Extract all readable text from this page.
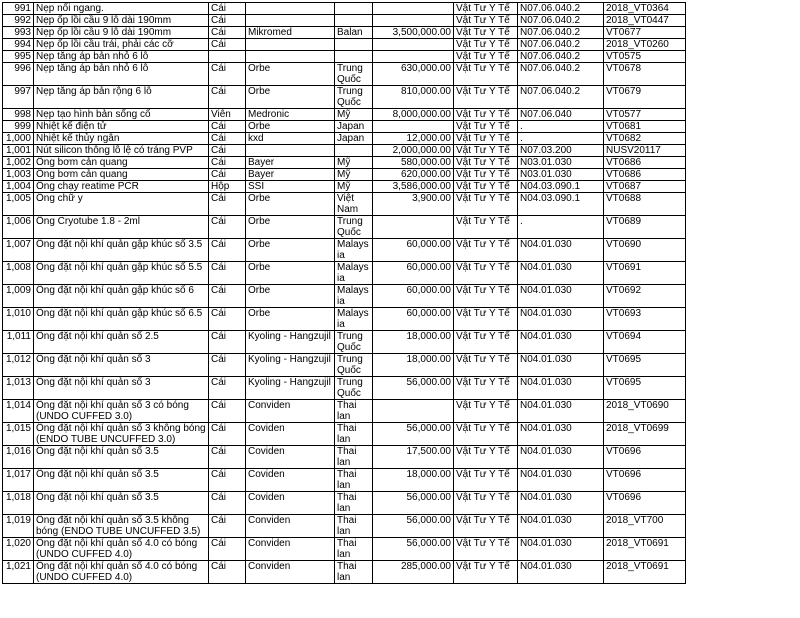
991	Nẹp nối ngang.	Cái				Vật Tư Y Tế	N07.06.040.2	2018_VT0364
992	Nẹp ốp lồi cầu 9 lỗ dài 190mm	Cái				Vật Tư Y Tế	N07.06.040.2	2018_VT0447
993	Nẹp ốp lồi cầu 9 lỗ dài 190mm	Cái	Mikromed	Balan	3,500,000.00	Vật Tư Y Tế	N07.06.040.2	VT0677
994	Nẹp ốp lồi cầu trái, phải các cỡ	Cái				Vật Tư Y Tế	N07.06.040.2	2018_VT0260
995	Nẹp tăng áp bản nhỏ 6 lỗ					Vật Tư Y Tế	N07.06.040.2	VT0575
996	Nẹp tăng áp bản nhỏ 6 lỗ	Cái	Orbe	Trung Quốc	630,000.00	Vật Tư Y Tế	N07.06.040.2	VT0678
997	Nẹp tăng áp bản rộng 6 lỗ	Cái	Orbe	Trung Quốc	810,000.00	Vật Tư Y Tế	N07.06.040.2	VT0679
998	Nẹp tạo hình bản sống cổ	Viên	Medronic	Mỹ	8,000,000.00	Vật Tư Y Tế	N07.06.040	VT0577
999	Nhiệt kế điện tử	Cái	Orbe	Japan		Vật Tư Y Tế	.	VT0681
1,000	Nhiệt kế thủy ngân	Cái	kxd	Japan	12,000.00	Vật Tư Y Tế	.	VT0682
1,001	Nút silicon thông lỗ lệ có tráng PVP	Cái			2,000,000.00	Vật Tư Y Tế	N07.03.200	NUSV20117
1,002	Ống bơm cản quang	Cái	Bayer	Mỹ	580,000.00	Vật Tư Y Tế	N03.01.030	VT0686
1,003	Ống bơm cản quang	Cái	Bayer	Mỹ	620,000.00	Vật Tư Y Tế	N03.01.030	VT0686
1,004	Ống chạy reatime PCR	Hộp	SSI	Mỹ	3,586,000.00	Vật Tư Y Tế	N04.03.090.1	VT0687
1,005	Ống chữ y	Cái	Orbe	Việt Nam	3,900.00	Vật Tư Y Tế	N04.03.090.1	VT0688
1,006	Ống Cryotube 1.8 - 2ml	Cái	Orbe	Trung Quốc		Vật Tư Y Tế	.	VT0689
1,007	Ống đặt nội khí quản gập khúc số 3.5	Cái	Orbe	Malaysia	60,000.00	Vật Tư Y Tế	N04.01.030	VT0690
1,008	Ống đặt nội khí quản gập khúc số 5.5	Cái	Orbe	Malaysia	60,000.00	Vật Tư Y Tế	N04.01.030	VT0691
1,009	Ống đặt nội khí quản gập khúc số 6	Cái	Orbe	Malaysia	60,000.00	Vật Tư Y Tế	N04.01.030	VT0692
1,010	Ống đặt nội khí quản gập khúc số 6.5	Cái	Orbe	Malaysia	60,000.00	Vật Tư Y Tế	N04.01.030	VT0693
1,011	Ống đặt nội khí quản số 2.5	Cái	Kyoling - Hangzujil	Trung Quốc	18,000.00	Vật Tư Y Tế	N04.01.030	VT0694
1,012	Ống đặt nội khí quản số 3	Cái	Kyoling - Hangzujil	Trung Quốc	18,000.00	Vật Tư Y Tế	N04.01.030	VT0695
1,013	Ống đặt nội khí quản số 3	Cái	Kyoling - Hangzujil	Trung Quốc	56,000.00	Vật Tư Y Tế	N04.01.030	VT0695
1,014	Ống đặt nội khí quản số 3 có bóng (UNDO CUFFED 3.0)	Cái	Conviden	Thai lan		Vật Tư Y Tế	N04.01.030	2018_VT0690
1,015	Ống đặt nội khí quản số 3 không bóng (ENDO TUBE UNCUFFED 3.0)	Cái	Coviden	Thai lan	56,000.00	Vật Tư Y Tế	N04.01.030	2018_VT0699
1,016	Ống đặt nội khí quản số 3.5	Cái	Coviden	Thai lan	17,500.00	Vật Tư Y Tế	N04.01.030	VT0696
1,017	Ống đặt nội khí quản số 3.5	Cái	Coviden	Thai lan	18,000.00	Vật Tư Y Tế	N04.01.030	VT0696
1,018	Ống đặt nội khí quản số 3.5	Cái	Coviden	Thai lan	56,000.00	Vật Tư Y Tế	N04.01.030	VT0696
1,019	Ống đặt nội khí quản số 3.5 không bóng (ENDO TUBE UNCUFFED 3.5)	Cái	Conviden	Thai lan	56,000.00	Vật Tư Y Tế	N04.01.030	2018_VT700
1,020	Ống đặt nội khí quản số 4.0 có bóng (UNDO CUFFED 4.0)	Cái	Conviden	Thai lan	56,000.00	Vật Tư Y Tế	N04.01.030	2018_VT0691
1,021	Ống đặt nội khí quản số 4.0 có bóng (UNDO CUFFED 4.0)	Cái	Conviden	Thai lan	285,000.00	Vật Tư Y Tế	N04.01.030	2018_VT0691
